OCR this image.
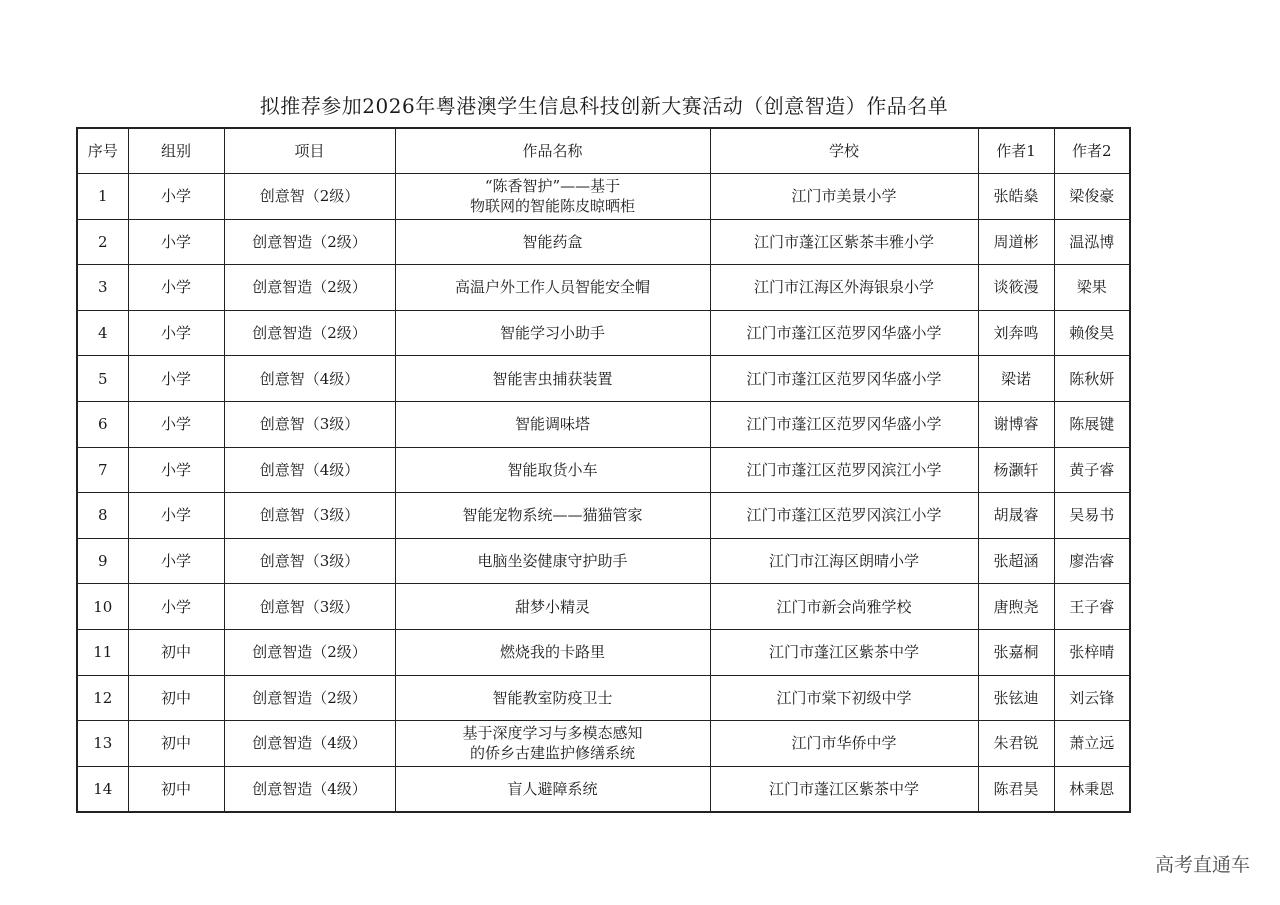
拟推荐参加2026年粤港澳学生信息科技创新大赛活动（创意智造）作品名单
序号	组别	项目	作品名称	学校	作者1	作者2
1	小学	创意智（2级）	“陈香智护”——基于
物联网的智能陈皮晾晒柜	江门市美景小学	张皓燊	梁俊豪
2	小学	创意智造（2级）	智能药盒	江门市蓬江区紫茶丰雅小学	周道彬	温泓博
3	小学	创意智造（2级）	高温户外工作人员智能安全帽	江门市江海区外海银泉小学	谈筱漫	梁果
4	小学	创意智造（2级）	智能学习小助手	江门市蓬江区范罗冈华盛小学	刘奔鸣	赖俊昊
5	小学	创意智（4级）	智能害虫捕获装置	江门市蓬江区范罗冈华盛小学	梁诺	陈秋妍
6	小学	创意智（3级）	智能调味塔	江门市蓬江区范罗冈华盛小学	谢博睿	陈展键
7	小学	创意智（4级）	智能取货小车	江门市蓬江区范罗冈滨江小学	杨灏轩	黄子睿
8	小学	创意智（3级）	智能宠物系统——猫猫管家	江门市蓬江区范罗冈滨江小学	胡晟睿	吴易书
9	小学	创意智（3级）	电脑坐姿健康守护助手	江门市江海区朗晴小学	张超涵	廖浩睿
10	小学	创意智（3级）	甜梦小精灵	江门市新会尚雅学校	唐煦尧	王子睿
11	初中	创意智造（2级）	燃烧我的卡路里	江门市蓬江区紫茶中学	张嘉桐	张梓晴
12	初中	创意智造（2级）	智能教室防疫卫士	江门市棠下初级中学	张铉迪	刘云锋
13	初中	创意智造（4级）	基于深度学习与多模态感知
的侨乡古建监护修缮系统	江门市华侨中学	朱君锐	萧立远
14	初中	创意智造（4级）	盲人避障系统	江门市蓬江区紫茶中学	陈君昊	林秉恩
高考直通车
